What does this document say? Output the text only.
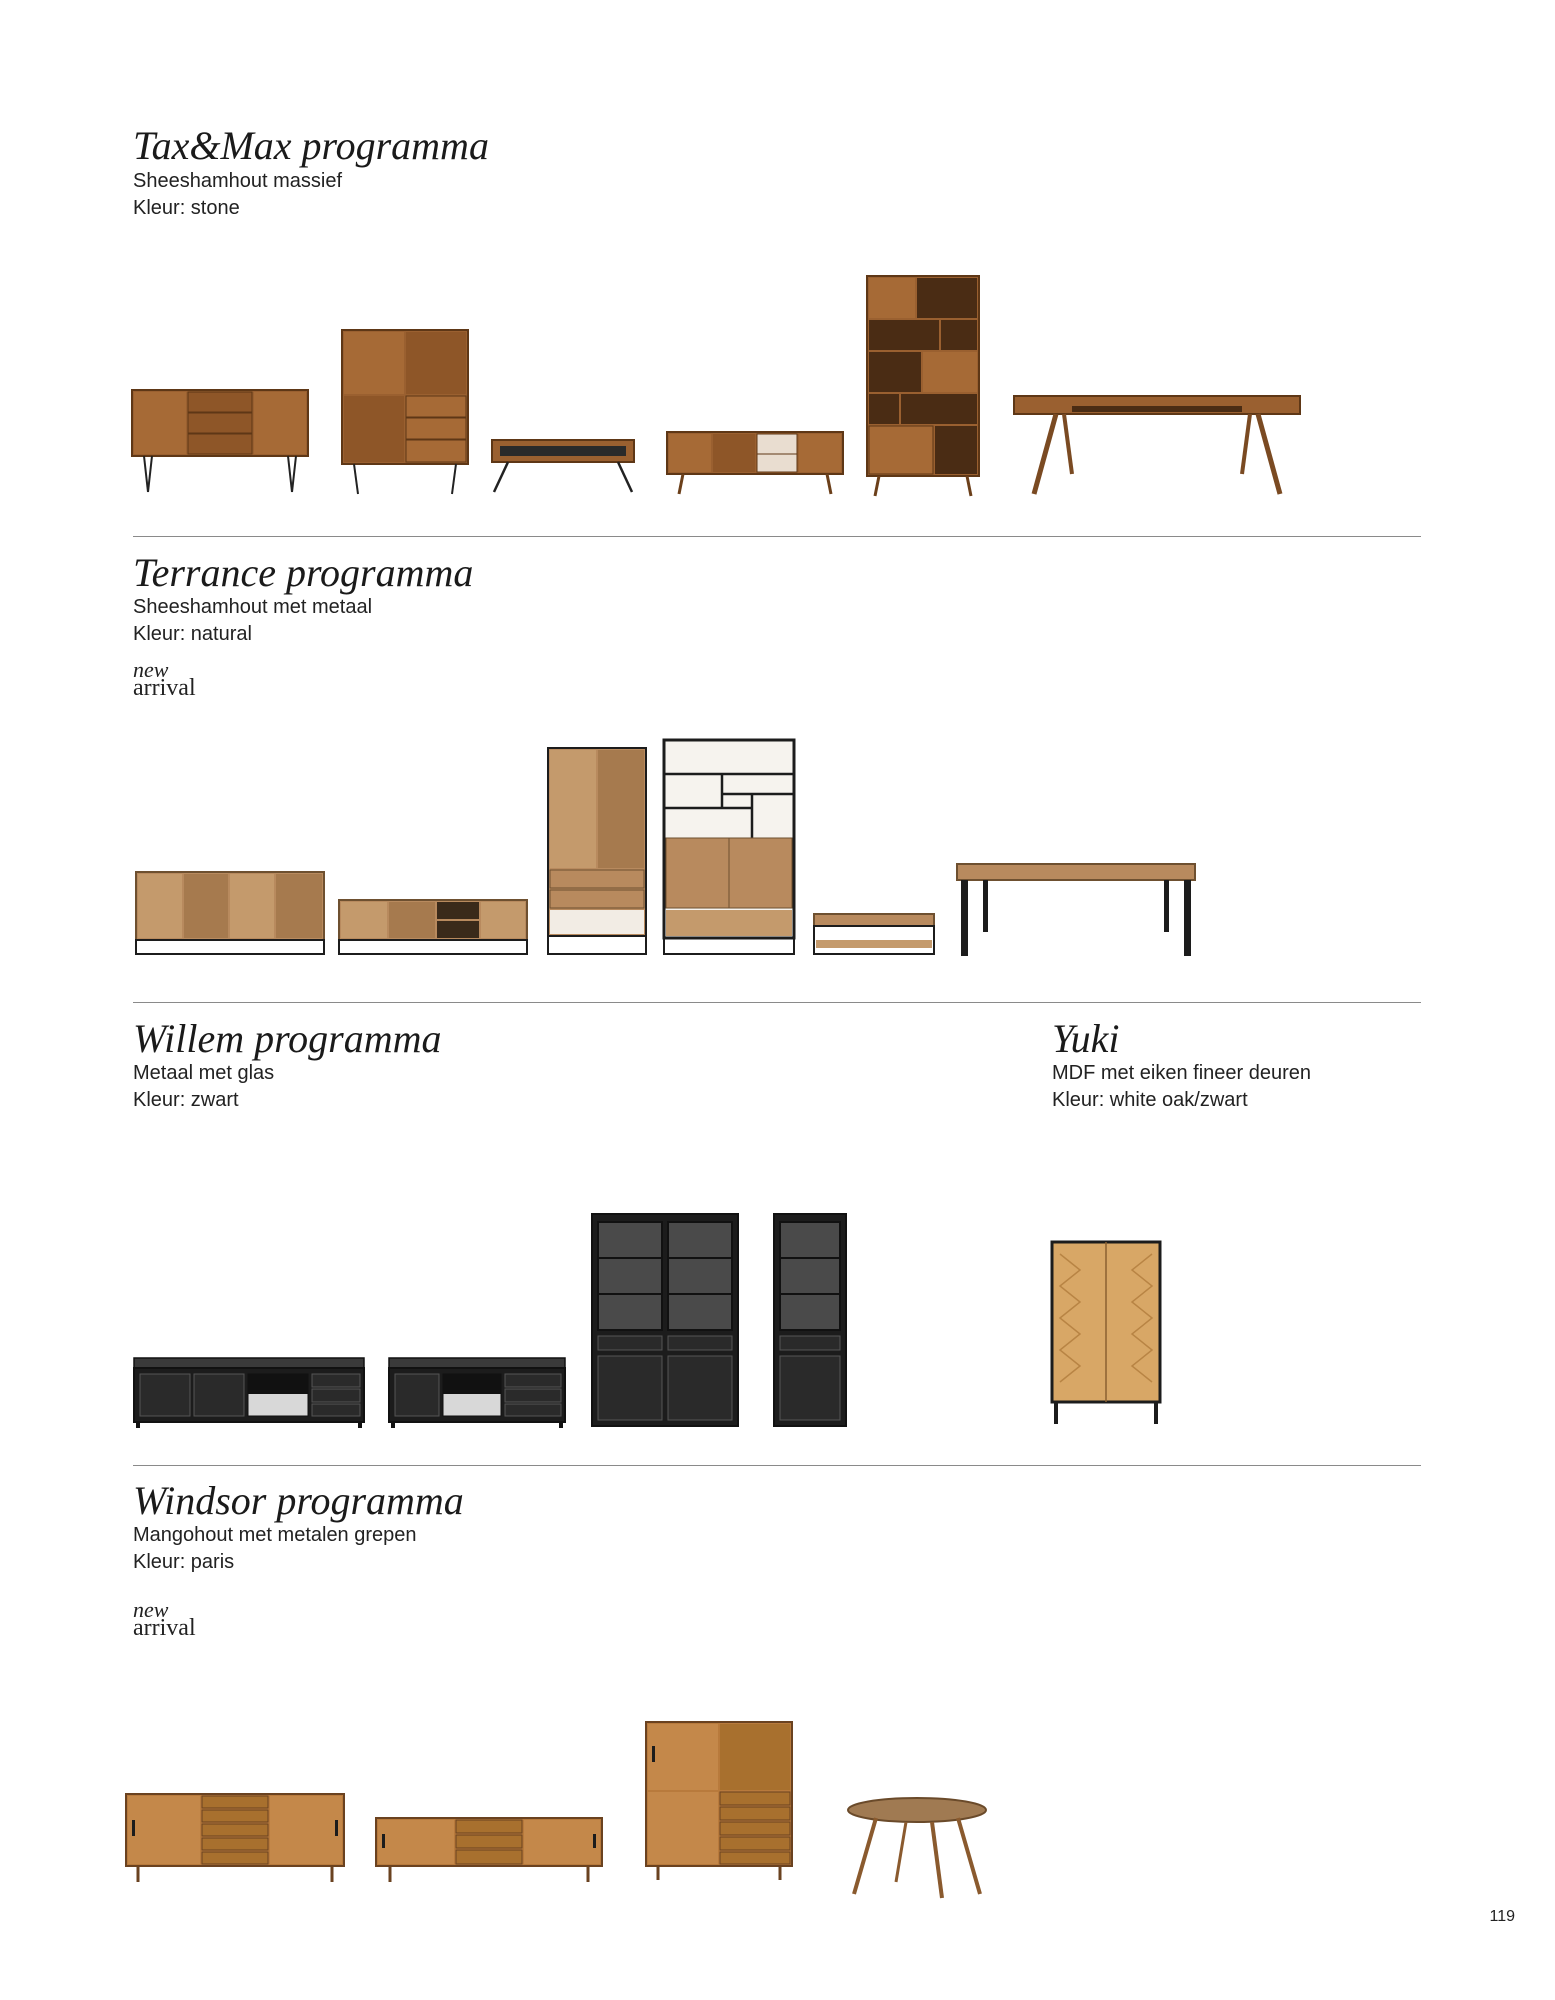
Tax&Max programma
Sheeshamhout massief
Kleur: stone
Terrance programma
Sheeshamhout met metaal
Kleur: natural
new
arrival
Willem programma
Metaal met glas
Kleur: zwart
Yuki
MDF met eiken fineer deuren
Kleur: white oak/zwart
Windsor programma
Mangohout met metalen grepen
Kleur: paris
new
arrival
119
